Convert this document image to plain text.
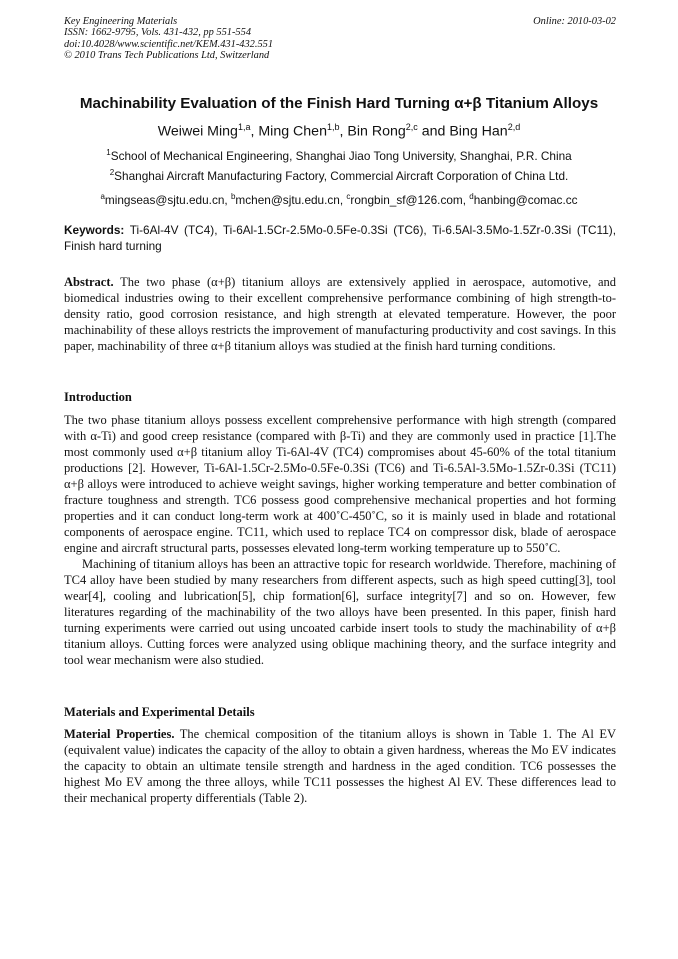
Key Engineering Materials
ISSN: 1662-9795, Vols. 431-432, pp 551-554
doi:10.4028/www.scientific.net/KEM.431-432.551
© 2010 Trans Tech Publications Ltd, Switzerland
Online: 2010-03-02
Machinability Evaluation of the Finish Hard Turning α+β Titanium Alloys
Weiwei Ming$^{1,a}$, Ming Chen$^{1,b}$, Bin Rong$^{2,c}$ and Bing Han$^{2,d}$
$^1$School of Mechanical Engineering, Shanghai Jiao Tong University, Shanghai, P.R. China
$^2$Shanghai Aircraft Manufacturing Factory, Commercial Aircraft Corporation of China Ltd.
$^a$mingseas@sjtu.edu.cn, $^b$mchen@sjtu.edu.cn, $^c$rongbin_sf@126.com, $^d$hanbing@comac.cc
Keywords: Ti-6Al-4V (TC4), Ti-6Al-1.5Cr-2.5Mo-0.5Fe-0.3Si (TC6), Ti-6.5Al-3.5Mo-1.5Zr-0.3Si (TC11), Finish hard turning

Abstract. The two phase (α+β) titanium alloys are extensively applied in aerospace, automotive, and biomedical industries owing to their excellent comprehensive performance combining of high strength-to-density ratio, good corrosion resistance, and high strength at elevated temperature. However, the poor machinability of these alloys restricts the improvement of manufacturing productivity and cost savings. In this paper, machinability of three α+β titanium alloys was studied at the finish hard turning conditions.

Introduction

The two phase titanium alloys possess excellent comprehensive performance with high strength (compared with α-Ti) and good creep resistance (compared with β-Ti) and they are commonly used in practice [1].The most commonly used α+β titanium alloy Ti-6Al-4V (TC4) compromises about 45-60% of the total titanium productions [2]. However, Ti-6Al-1.5Cr-2.5Mo-0.5Fe-0.3Si (TC6) and Ti-6.5Al-3.5Mo-1.5Zr-0.3Si (TC11) α+β alloys were introduced to achieve weight savings, higher working temperature and better combination of fracture toughness and strength. TC6 possess good comprehensive mechanical properties and hot forming properties and it can conduct long-term work at 400˚C-450˚C, so it is mainly used in blade and rotational components of aerospace engine. TC11, which used to replace TC4 on compressor disk, blade of aerospace engine and aircraft structural parts, possesses elevated long-term working temperature up to 550˚C.

Machining of titanium alloys has been an attractive topic for research worldwide. Therefore, machining of TC4 alloy have been studied by many researchers from different aspects, such as high speed cutting[3], tool wear[4], cooling and lubrication[5], chip formation[6], surface integrity[7] and so on. However, few literatures regarding of the machinability of the two alloys have been presented. In this paper, finish hard turning experiments were carried out using uncoated carbide insert tools to study the machinability of α+β titanium alloys. Cutting forces were analyzed using oblique machining theory, and the surface integrity and tool wear mechanism were also studied.

Materials and Experimental Details

Material Properties. The chemical composition of the titanium alloys is shown in Table 1. The Al EV (equivalent value) indicates the capacity of the alloy to obtain a given hardness, whereas the Mo EV indicates the capacity to obtain an ultimate tensile strength and hardness in the aged condition. TC6 possesses the highest Mo EV among the three alloys, while TC11 possesses the highest Al EV. These differences lead to their mechanical property differentials (Table 2).
